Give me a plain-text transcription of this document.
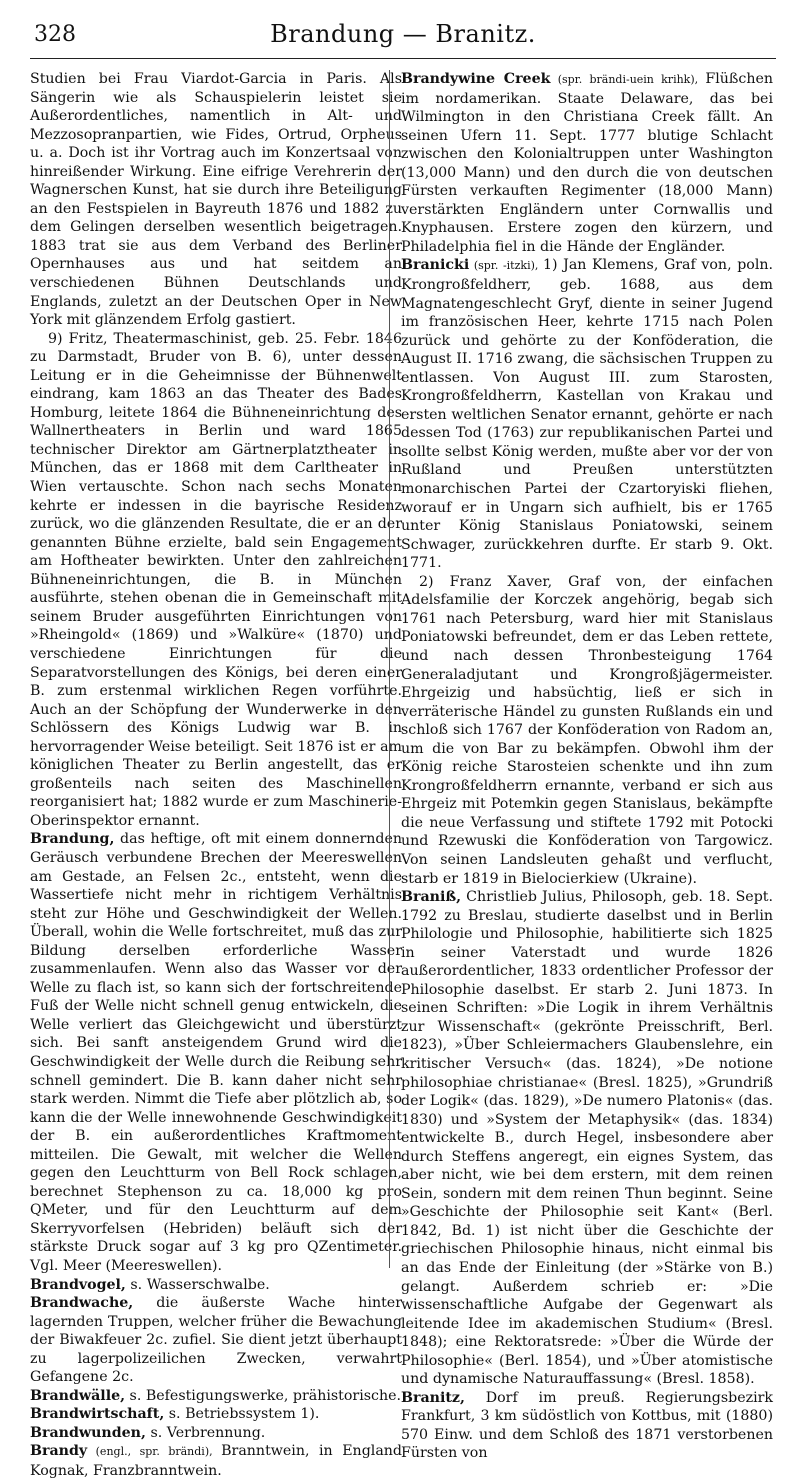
328	Brandung — Branitz.

Studien bei Frau Viardot-Garcia in Paris. Als Sängerin wie als Schauspielerin leistet sie Außerordentliches, namentlich in Alt- und Mezzosopranpartien, wie Fides, Ortrud, Orpheus u. a. Doch ist ihr Vortrag auch im Konzertsaal von hinreißender Wirkung. Eine eifrige Verehrerin der Wagnerschen Kunst, hat sie durch ihre Beteiligung an den Festspielen in Bayreuth 1876 und 1882 zu dem Gelingen derselben wesentlich beigetragen. 1883 trat sie aus dem Verband des Berliner Opernhauses aus und hat seitdem an verschiedenen Bühnen Deutschlands und Englands, zuletzt an der Deutschen Oper in New York mit glänzendem Erfolg gastiert.

9) Fritz, Theatermaschinist, geb. 25. Febr. 1846 zu Darmstadt, Bruder von B. 6), unter dessen Leitung er in die Geheimnisse der Bühnenwelt eindrang, kam 1863 an das Theater des Bades Homburg, leitete 1864 die Bühneneinrichtung des Wallnertheaters in Berlin und ward 1865 technischer Direktor am Gärtnerplatztheater in München, das er 1868 mit dem Carltheater in Wien vertauschte. Schon nach sechs Monaten kehrte er indessen in die bayrische Residenz zurück, wo die glänzenden Resultate, die er an der genannten Bühne erzielte, bald sein Engagement am Hoftheater bewirkten. Unter den zahlreichen Bühneneinrichtungen, die B. in München ausführte, stehen obenan die in Gemeinschaft mit seinem Bruder ausgeführten Einrichtungen von »Rheingold« (1869) und »Walküre« (1870) und verschiedene Einrichtungen für die Separatvorstellungen des Königs, bei deren einer B. zum erstenmal wirklichen Regen vorführte. Auch an der Schöpfung der Wunderwerke in den Schlössern des Königs Ludwig war B. in hervorragender Weise beteiligt. Seit 1876 ist er am königlichen Theater zu Berlin angestellt, das er großenteils nach seiten des Maschinellen reorganisiert hat; 1882 wurde er zum Maschinerie-Oberinspektor ernannt.

Brandung, das heftige, oft mit einem donnernden Geräusch verbundene Brechen der Meereswellen am Gestade, an Felsen 2c., entsteht, wenn die Wassertiefe nicht mehr in richtigem Verhältnis steht zur Höhe und Geschwindigkeit der Wellen. Überall, wohin die Welle fortschreitet, muß das zur Bildung derselben erforderliche Wasser zusammenlaufen. Wenn also das Wasser vor der Welle zu flach ist, so kann sich der fortschreitende Fuß der Welle nicht schnell genug entwickeln, die Welle verliert das Gleichgewicht und überstürzt sich. Bei sanft ansteigendem Grund wird die Geschwindigkeit der Welle durch die Reibung sehr schnell gemindert. Die B. kann daher nicht sehr stark werden. Nimmt die Tiefe aber plötzlich ab, so kann die der Welle innewohnende Geschwindigkeit der B. ein außerordentliches Kraftmoment mitteilen. Die Gewalt, mit welcher die Wellen gegen den Leuchtturm von Bell Rock schlagen, berechnet Stephenson zu ca. 18,000 kg pro QMeter, und für den Leuchtturm auf dem Skerryvorfelsen (Hebriden) beläuft sich der stärkste Druck sogar auf 3 kg pro QZentimeter. Vgl. Meer (Meereswellen).

Brandvogel, s. Wasserschwalbe.

Brandwache, die äußerste Wache hinter lagernden Truppen, welcher früher die Bewachung der Biwakfeuer 2c. zufiel. Sie dient jetzt überhaupt zu lagerpolizeilichen Zwecken, verwahrt Gefangene 2c.

Brandwälle, s. Befestigungswerke, prähistorische.

Brandwirtschaft, s. Betriebssystem 1).

Brandwunden, s. Verbrennung.

Brandy (engl., spr. brändi), Branntwein, in England Kognak, Franzbranntwein.

Brandywine Creek (spr. brändi-uein krihk), Flüßchen im nordamerikan. Staate Delaware, das bei Wilmington in den Christiana Creek fällt. An seinen Ufern 11. Sept. 1777 blutige Schlacht zwischen den Kolonialtruppen unter Washington (13,000 Mann) und den durch die von deutschen Fürsten verkauften Regimenter (18,000 Mann) verstärkten Engländern unter Cornwallis und Knyphausen. Erstere zogen den kürzern, und Philadelphia fiel in die Hände der Engländer.

Branicki (spr. -itzki), 1) Jan Klemens, Graf von, poln. Krongroßfeldherr, geb. 1688, aus dem Magnatengeschlecht Gryf, diente in seiner Jugend im französischen Heer, kehrte 1715 nach Polen zurück und gehörte zu der Konföderation, die August II. 1716 zwang, die sächsischen Truppen zu entlassen. Von August III. zum Starosten, Krongroßfeldherrn, Kastellan von Krakau und ersten weltlichen Senator ernannt, gehörte er nach dessen Tod (1763) zur republikanischen Partei und sollte selbst König werden, mußte aber vor der von Rußland und Preußen unterstützten monarchischen Partei der Czartoryiski fliehen, worauf er in Ungarn sich aufhielt, bis er 1765 unter König Stanislaus Poniatowski, seinem Schwager, zurückkehren durfte. Er starb 9. Okt. 1771.

2) Franz Xaver, Graf von, der einfachen Adelsfamilie der Korczek angehörig, begab sich 1761 nach Petersburg, ward hier mit Stanislaus Poniatowski befreundet, dem er das Leben rettete, und nach dessen Thronbesteigung 1764 Generaladjutant und Krongroßjägermeister. Ehrgeizig und habsüchtig, ließ er sich in verräterische Händel zu gunsten Rußlands ein und schloß sich 1767 der Konföderation von Radom an, um die von Bar zu bekämpfen. Obwohl ihm der König reiche Starosteien schenkte und ihn zum Krongroßfeldherrn ernannte, verband er sich aus Ehrgeiz mit Potemkin gegen Stanislaus, bekämpfte die neue Verfassung und stiftete 1792 mit Potocki und Rzewuski die Konföderation von Targowicz. Von seinen Landsleuten gehaßt und verflucht, starb er 1819 in Bielocierkiew (Ukraine).

Braniß, Christlieb Julius, Philosoph, geb. 18. Sept. 1792 zu Breslau, studierte daselbst und in Berlin Philologie und Philosophie, habilitierte sich 1825 in seiner Vaterstadt und wurde 1826 außerordentlicher, 1833 ordentlicher Professor der Philosophie daselbst. Er starb 2. Juni 1873. In seinen Schriften: »Die Logik in ihrem Verhältnis zur Wissenschaft« (gekrönte Preisschrift, Berl. 1823), »Über Schleiermachers Glaubenslehre, ein kritischer Versuch« (das. 1824), »De notione philosophiae christianae« (Bresl. 1825), »Grundriß der Logik« (das. 1829), »De numero Platonis« (das. 1830) und »System der Metaphysik« (das. 1834) entwickelte B., durch Hegel, insbesondere aber durch Steffens angeregt, ein eignes System, das aber nicht, wie bei dem erstern, mit dem reinen Sein, sondern mit dem reinen Thun beginnt. Seine »Geschichte der Philosophie seit Kant« (Berl. 1842, Bd. 1) ist nicht über die Geschichte der griechischen Philosophie hinaus, nicht einmal bis an das Ende der Einleitung (der »Stärke von B.) gelangt. Außerdem schrieb er: »Die wissenschaftliche Aufgabe der Gegenwart als leitende Idee im akademischen Studium« (Bresl. 1848); eine Rektoratsrede: »Über die Würde der Philosophie« (Berl. 1854), und »Über atomistische und dynamische Naturauffassung« (Bresl. 1858).

Branitz, Dorf im preuß. Regierungsbezirk Frankfurt, 3 km südöstlich von Kottbus, mit (1880) 570 Einw. und dem Schloß des 1871 verstorbenen Fürsten von
